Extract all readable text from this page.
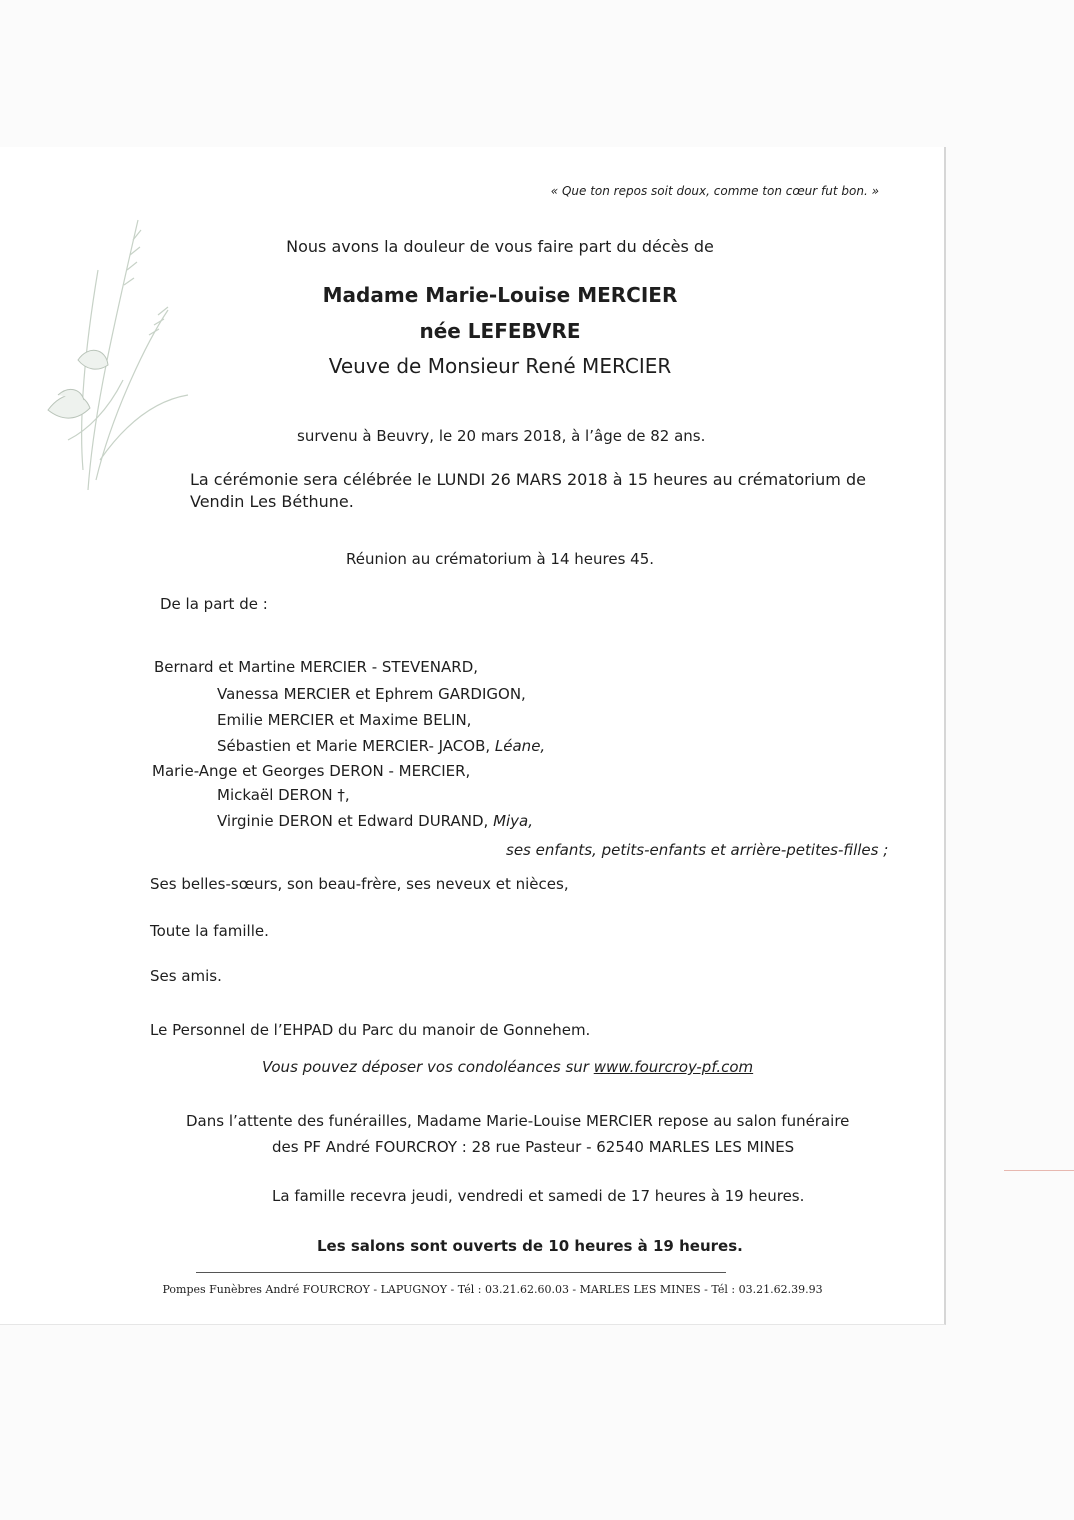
« Que ton repos soit doux, comme ton cœur fut bon. »

Nous avons la douleur de vous faire part du décès de

Madame Marie-Louise MERCIER

née LEFEBVRE

Veuve de Monsieur René MERCIER

survenu à Beuvry, le 20 mars 2018, à l’âge de 82 ans.

La cérémonie sera célébrée le LUNDI 26 MARS 2018 à 15 heures au crématorium de

Vendin Les Béthune.

Réunion au crématorium à 14 heures 45.

De la part de :

Bernard et Martine MERCIER - STEVENARD,

Vanessa MERCIER et Ephrem GARDIGON,

Emilie MERCIER et Maxime BELIN,

Sébastien et Marie MERCIER- JACOB, Léane,

Marie-Ange et Georges DERON - MERCIER,

Mickaël DERON †,

Virginie DERON et Edward DURAND, Miya,

ses enfants, petits-enfants et arrière-petites-filles ;

Ses belles-sœurs, son beau-frère, ses neveux et nièces,

Toute la famille.

Ses amis.

Le Personnel de l’EHPAD du Parc du manoir de Gonnehem.

Vous pouvez déposer vos condoléances sur www.fourcroy-pf.com

Dans l’attente des funérailles, Madame Marie-Louise MERCIER repose au salon funéraire

des PF André FOURCROY : 28 rue Pasteur - 62540 MARLES LES MINES

La famille recevra jeudi, vendredi et samedi de 17 heures à 19 heures.

Les salons sont ouverts de 10 heures à 19 heures.

Pompes Funèbres André FOURCROY - LAPUGNOY - Tél : 03.21.62.60.03 - MARLES LES MINES - Tél : 03.21.62.39.93
